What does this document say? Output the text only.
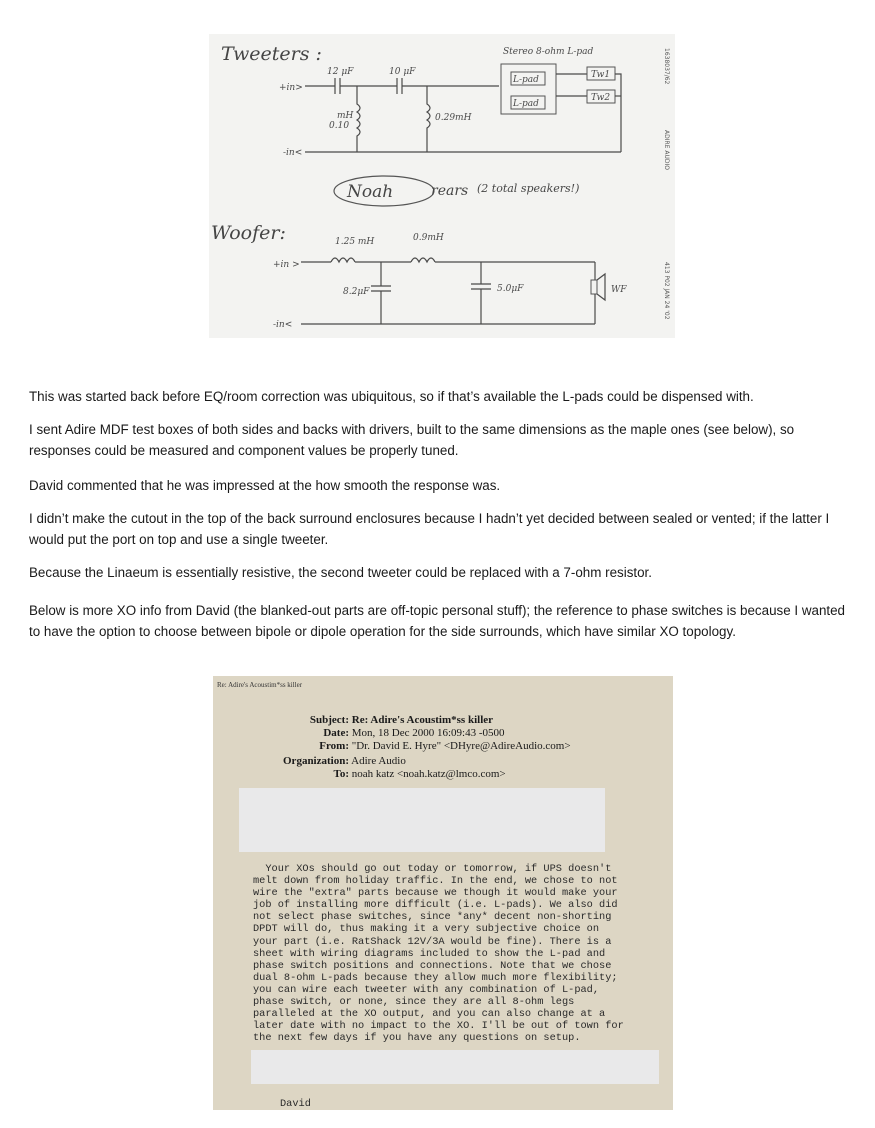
Tweeters :
+in>
-in<
12 μF	10 μF
0.10
mH	0.29mH
Stereo 8-ohm L-pad
L-pad
L-pad
Tw1
Tw2
Noah	rears (2 total speakers!)
Woofer:
+in >
-in<
1.25 mH	0.9mH
8.2μF	5.0μF	WF
1638037/62
ADIRE AUDIO
413 P02 JAN 24 '02

This was started back before EQ/room correction was ubiquitous, so if that’s available the L-pads could be dispensed with.

I sent Adire MDF test boxes of both sides and backs with drivers, built to the same dimensions as the maple ones (see below), so responses could be measured and component values be properly tuned.

David commented that he was impressed at the how smooth the response was.

I didn’t make the cutout in the top of the back surround enclosures because I hadn’t yet decided between sealed or vented; if the latter I would put the port on top and use a single tweeter.

Because the Linaeum is essentially resistive, the second tweeter could be replaced with a 7-ohm resistor.

Below is more XO info from David (the blanked-out parts are off-topic personal stuff); the reference to phase switches is because I wanted to have the option to choose between bipole or dipole operation for the side surrounds, which have similar XO topology.

Re: Adire's Acoustim*ss killer
Subject: Re: Adire's Acoustim*ss killer
Date: Mon, 18 Dec 2000 16:09:43 -0500
From: "Dr. David E. Hyre" <DHyre@AdireAudio.com>
Organization: Adire Audio
To: noah katz <noah.katz@lmco.com>
Your XOs should go out today or tomorrow, if UPS doesn't
melt down from holiday traffic. In the end, we chose to not
wire the "extra" parts because we though it would make your
job of installing more difficult (i.e. L-pads). We also did
not select phase switches, since *any* decent non-shorting
DPDT will do, thus making it a very subjective choice on
your part (i.e. RatShack 12V/3A would be fine). There is a
sheet with wiring diagrams included to show the L-pad and
phase switch positions and connections. Note that we chose
dual 8-ohm L-pads because they allow much more flexibility;
you can wire each tweeter with any combination of L-pad,
phase switch, or none, since they are all 8-ohm legs
paralleled at the XO output, and you can also change at a
later date with no impact to the XO. I'll be out of town for
the next few days if you have any questions on setup.
David
